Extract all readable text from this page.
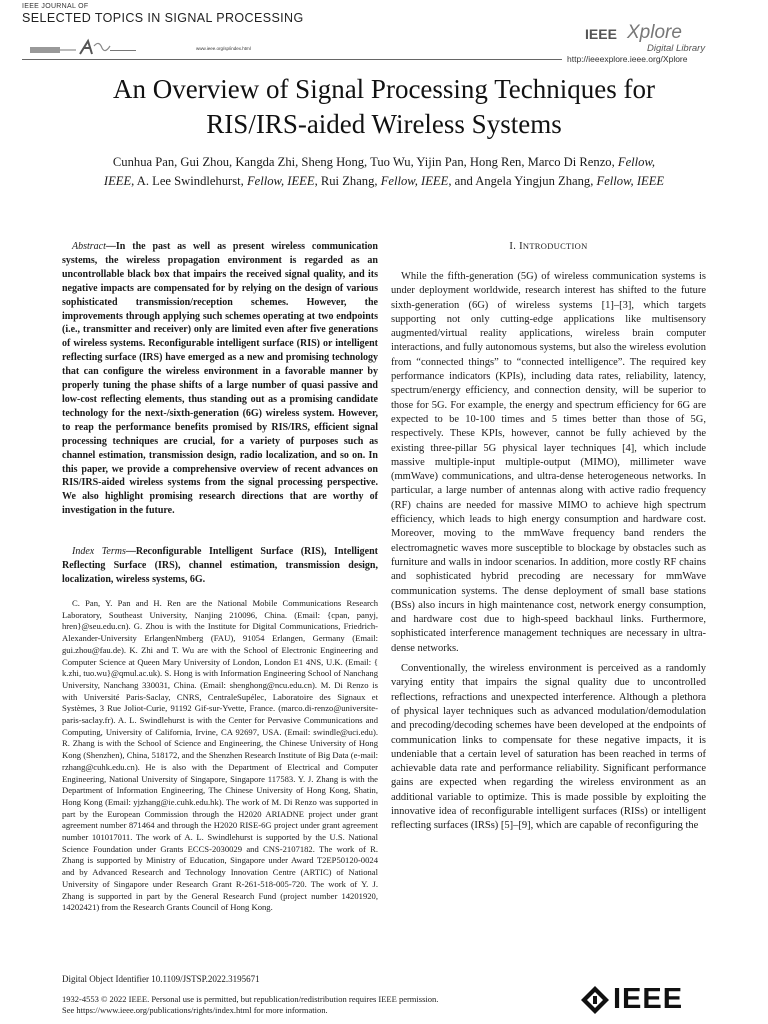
IEEE JOURNAL OF
SELECTED TOPICS IN SIGNAL PROCESSING
www.ieee.org/sp/index.html
IEEE Xplore
Digital Library
http://ieeexplore.ieee.org/Xplore
An Overview of Signal Processing Techniques for
RIS/IRS-aided Wireless Systems
Cunhua Pan, Gui Zhou, Kangda Zhi, Sheng Hong, Tuo Wu, Yijin Pan, Hong Ren, Marco Di Renzo, Fellow,
IEEE, A. Lee Swindlehurst, Fellow, IEEE, Rui Zhang, Fellow, IEEE, and Angela Yingjun Zhang, Fellow, IEEE
Abstract—In the past as well as present wireless communication systems, the wireless propagation environment is regarded as an uncontrollable black box that impairs the received signal quality, and its negative impacts are compensated for by relying on the design of various sophisticated transmission/reception schemes. However, the improvements through applying such schemes operating at two endpoints (i.e., transmitter and receiver) only are limited even after five generations of wireless systems. Reconfigurable intelligent surface (RIS) or intelligent reflecting surface (IRS) have emerged as a new and promising technology that can configure the wireless environment in a favorable manner by properly tuning the phase shifts of a large number of quasi passive and low-cost reflecting elements, thus standing out as a promising candidate technology for the next-/sixth-generation (6G) wireless system. However, to reap the performance benefits promised by RIS/IRS, efficient signal processing techniques are crucial, for a variety of purposes such as channel estimation, transmission design, radio localization, and so on. In this paper, we provide a comprehensive overview of recent advances on RIS/IRS-aided wireless systems from the signal processing perspective. We also highlight promising research directions that are worthy of investigation in the future.
Index Terms—Reconfigurable Intelligent Surface (RIS), Intelligent Reflecting Surface (IRS), channel estimation, transmission design, localization, wireless systems, 6G.
C. Pan, Y. Pan and H. Ren are the National Mobile Communications Research Laboratory, Southeast University, Nanjing 210096, China. (Email: {cpan, panyj, hren}@seu.edu.cn). G. Zhou is with the Institute for Digital Communications, Friedrich-Alexander-University ErlangenNmberg (FAU), 91054 Erlangen, Germany (Email: gui.zhou@fau.de). K. Zhi and T. Wu are with the School of Electronic Engineering and Computer Science at Queen Mary University of London, London E1 4NS, U.K. (Email: { k.zhi, tuo.wu}@qmul.ac.uk). S. Hong is with Information Engineering School of Nanchang University, Nanchang 330031, China. (Email: shenghong@ncu.edu.cn). M. Di Renzo is with Université Paris-Saclay, CNRS, CentraleSupélec, Laboratoire des Signaux et Systèmes, 3 Rue Joliot-Curie, 91192 Gif-sur-Yvette, France. (marco.di-renzo@universite-paris-saclay.fr). A. L. Swindlehurst is with the Center for Pervasive Communications and Computing, University of California, Irvine, CA 92697, USA. (Email: swindle@uci.edu). R. Zhang is with the School of Science and Engineering, the Chinese University of Hong Kong (Shenzhen), China, 518172, and the Shenzhen Research Institute of Big Data (e-mail: rzhang@cuhk.edu.cn). He is also with the Department of Electrical and Computer Engineering, National University of Singapore, Singapore 117583. Y. J. Zhang is with the Department of Information Engineering, The Chinese University of Hong Kong, Shatin, Hong Kong (Email: yjzhang@ie.cuhk.edu.hk). The work of M. Di Renzo was supported in part by the European Commission through the H2020 ARIADNE project under grant agreement number 871464 and through the H2020 RISE-6G project under grant agreement number 101017011. The work of A. L. Swindlehurst is supported by the U.S. National Science Foundation under Grants ECCS-2030029 and CNS-2107182. The work of R. Zhang is supported by Ministry of Education, Singapore under Award T2EP50120-0024 and by Advanced Research and Technology Innovation Centre (ARTIC) of National University of Singapore under Research Grant R-261-518-005-720. The work of Y. J. Zhang is supported in part by the General Research Fund (project number 14201920, 14202421) from the Research Grants Council of Hong Kong.
Digital Object Identifier 10.1109/JSTSP.2022.3195671
I. INTRODUCTION

While the fifth-generation (5G) of wireless communication systems is under deployment worldwide, research interest has shifted to the future sixth-generation (6G) of wireless systems [1]–[3], which targets supporting not only cutting-edge applications like multisensory augmented/virtual reality applications, wireless brain computer interactions, and fully autonomous systems, but also the wireless evolution from “connected things” to “connected intelligence”. The required key performance indicators (KPIs), including data rates, reliability, latency, spectrum/energy efficiency, and connection density, will be superior to those for 5G. For example, the energy and spectrum efficiency for 6G are expected to be 10-100 times and 5 times better than those of 5G, respectively. These KPIs, however, cannot be fully achieved by the existing three-pillar 5G physical layer techniques [4], which include massive multiple-input multiple-output (MIMO), millimeter wave (mmWave) communications, and ultra-dense heterogeneous networks. In particular, a large number of antennas along with active radio frequency (RF) chains are needed for massive MIMO to achieve high spectrum efficiency, which leads to high energy consumption and hardware cost. Moreover, moving to the mmWave frequency band renders the electromagnetic waves more susceptible to blockage by obstacles such as furniture and walls in indoor scenarios. In addition, more costly RF chains and sophisticated hybrid precoding are necessary for mmWave communication systems. The dense deployment of small base stations (BSs) also incurs in high maintenance cost, network energy consumption, and hardware cost due to high-speed backhaul links. Furthermore, sophisticated interference management techniques are necessary in ultra-dense networks.

Conventionally, the wireless environment is perceived as a randomly varying entity that impairs the signal quality due to uncontrolled reflections, refractions and unexpected interference. Although a plethora of physical layer techniques such as advanced modulation/demodulation and precoding/decoding schemes have been developed at the endpoints of communication links to compensate for these negative impacts, it is undeniable that a certain level of saturation has been reached in terms of achievable data rate and performance reliability. Significant performance gains are expected when regarding the wireless environment as an additional variable to optimize. This is made possible by exploiting the innovative idea of reconfigurable intelligent surfaces (RISs) or intelligent reflecting surfaces (IRSs) [5]–[9], which are capable of reconfiguring the

1932-4553 © 2022 IEEE. Personal use is permitted, but republication/redistribution requires IEEE permission.
See https://www.ieee.org/publications/rights/index.html for more information.	IEEE
